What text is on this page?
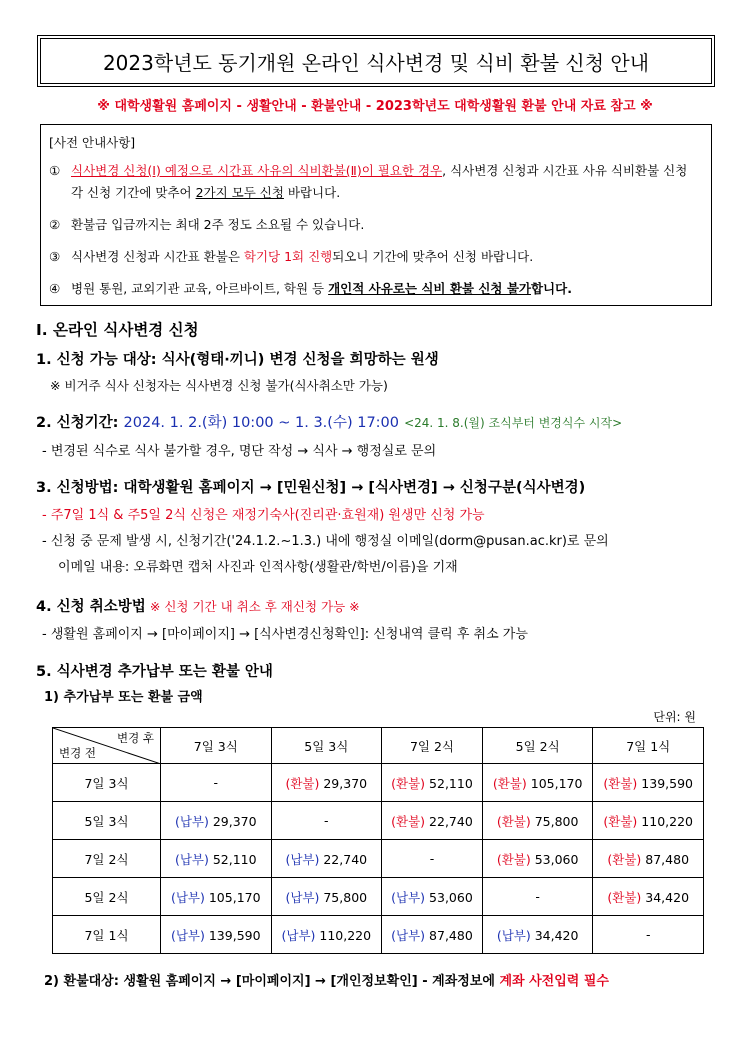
2023학년도 동기개원 온라인 식사변경 및 식비 환불 신청 안내
※ 대학생활원 홈페이지 - 생활안내 - 환불안내 - 2023학년도 대학생활원 환불 안내 자료 참고 ※
[사전 안내사항]
① 식사변경 신청(Ⅰ) 예정으로 시간표 사유의 식비환불(Ⅱ)이 필요한 경우, 식사변경 신청과 시간표 사유 식비환불 신청 각 신청 기간에 맞추어 2가지 모두 신청 바랍니다.
② 환불금 입금까지는 최대 2주 정도 소요될 수 있습니다.
③ 식사변경 신청과 시간표 환불은 학기당 1회 진행되오니 기간에 맞추어 신청 바랍니다.
④ 병원 통원, 교외기관 교육, 아르바이트, 학원 등 개인적 사유로는 식비 환불 신청 불가합니다.
Ⅰ. 온라인 식사변경 신청
1. 신청 가능 대상: 식사(형태·끼니) 변경 신청을 희망하는 원생
※ 비거주 식사 신청자는 식사변경 신청 불가(식사취소만 가능)
2. 신청기간: 2024. 1. 2.(화) 10:00 ~ 1. 3.(수) 17:00 <24. 1. 8.(월) 조식부터 변경식수 시작>
- 변경된 식수로 식사 불가할 경우, 명단 작성 → 식사 → 행정실로 문의
3. 신청방법: 대학생활원 홈페이지 → [민원신청] → [식사변경] → 신청구분(식사변경)
- 주7일 1식 & 주5일 2식 신청은 재정기숙사(진리관·효원재) 원생만 신청 가능
- 신청 중 문제 발생 시, 신청기간('24.1.2.~1.3.) 내에 행정실 이메일(dorm@pusan.ac.kr)로 문의
이메일 내용: 오류화면 캡처 사진과 인적사항(생활관/학번/이름)을 기재
4. 신청 취소방법 ※ 신청 기간 내 취소 후 재신청 가능 ※
- 생활원 홈페이지 → [마이페이지] → [식사변경신청확인]: 신청내역 클릭 후 취소 가능
5. 식사변경 추가납부 또는 환불 안내
1) 추가납부 또는 환불 금액
단위: 원
변경 후
변경 전	7일 3식	5일 3식	7일 2식	5일 2식	7일 1식
7일 3식	-	(환불) 29,370	(환불) 52,110	(환불) 105,170	(환불) 139,590
5일 3식	(납부) 29,370	-	(환불) 22,740	(환불) 75,800	(환불) 110,220
7일 2식	(납부) 52,110	(납부) 22,740	-	(환불) 53,060	(환불) 87,480
5일 2식	(납부) 105,170	(납부) 75,800	(납부) 53,060	-	(환불) 34,420
7일 1식	(납부) 139,590	(납부) 110,220	(납부) 87,480	(납부) 34,420	-
2) 환불대상: 생활원 홈페이지 → [마이페이지] → [개인정보확인] - 계좌정보에 계좌 사전입력 필수
